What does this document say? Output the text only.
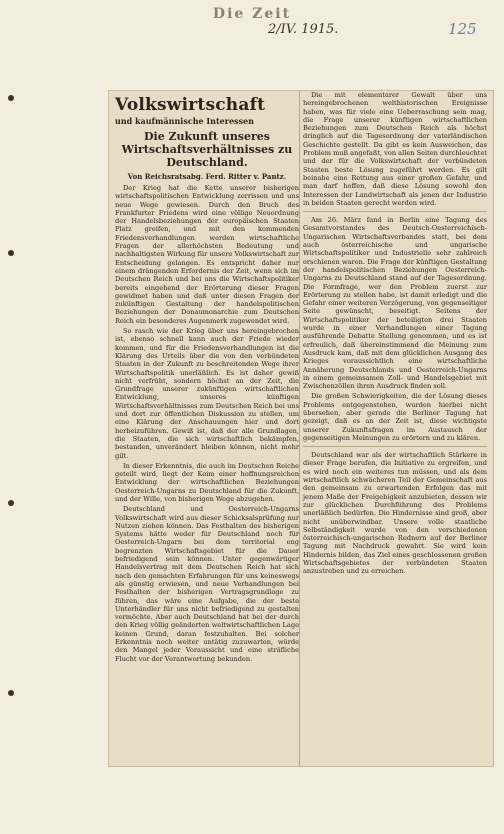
Die Zeit
2/IV. 1915.	125
Volkswirtschaft
und kaufmännische Interessen
Die Zukunft unseres Wirtschaftsverhältnisses zu Deutschland.
Von Reichsratsabg. Ferd. Ritter v. Pantz.

Der Krieg hat die Kette unserer bisherigen wirtschaftspolitischen Entwicklung zerrissen und uns neue Wege gewiesen. Durch den Bruch des Frankfurter Friedens wird eine völlige Neuordnung der Handelsbeziehungen der europäischen Staaten Platz greifen, und mit den kommenden Friedensverhandlungen werden wirtschaftliche Fragen der allerhöchsten Bedeutung und nachhaltigsten Wirkung für unsere Volkswirtschaft zur Entscheidung gelangen. Es entspricht daher nur einem drängenden Erfordernis der Zeit, wenn sich im Deutschen Reich und bei uns die Wirtschaftspolitiker bereits eingehend der Erörterung dieser Fragen gewidmet haben und daß unter diesen Fragen der zukünftigen Gestaltung der handelspolitischen Beziehungen der Donaumonarchie zum Deutschen Reich ein besonderes Augenmerk zugewendet wird.

So rasch wie der Krieg über uns hereingebrochen ist, ebenso schnell kann auch der Friede wieder kommen, und für die Friedensverhandlungen ist die Klärung des Urteils über die von den verbündeten Staaten in der Zukunft zu beschreitenden Wege ihrer Wirtschaftspolitik unerläßlich. Es ist daher gewiß nicht verfrüht, sondern höchst an der Zeit, die Grundfrage unserer zukünftigen wirtschaftlichen Entwicklung, unseres künftigen Wirtschaftsverhältnisses zum Deutschen Reich bei uns und dort zur öffentlichen Diskussion zu stellen, um eine Klärung der Anschauungen hier und dort herbeizuführen. Gewiß ist, daß der alle Grundlagen, die Staaten, die sich wirtschaftlich bekämpfen, bestanden, unverändert bleiben können, nicht mehr gilt.

In dieser Erkenntnis, die auch im Deutschen Reiche geteilt wird, liegt der Keim einer hoffnungsreichen Entwicklung der wirtschaftlichen Beziehungen Oesterreich-Ungarns zu Deutschland für die Zukunft, und der Wille, von bisherigen Wege abzugehen.

Deutschland und Oesterreich-Ungarns Volkswirtschaft wird aus dieser Schicksalsprüfung nur Nutzen ziehen können. Das Festhalten des bisherigen Systems hätte weder für Deutschland noch für Oesterreich-Ungarn bei dem territorial eng begrenzten Wirtschaftsgebiet für die Dauer befriedigend sein können. Unter gegenwärtiger Handelsvertrag mit dem Deutschen Reich hat sich nach den gemachten Erfahrungen für uns keineswegs als günstig erwiesen, und neue Verhandlungen bei Festhalten der bisherigen Vertragsgrundlage zu führen, das wäre eine Aufgabe, die der beste Unterhändler für uns nicht befriedigend zu gestalten vermöchte. Aber auch Deutschland hat bei der durch den Krieg völlig geänderten weltwirtschaftlichen Lage keinen Grund, daran festzuhalten. Bei solcher Erkenntnis noch weiter untätig zuzuwarten, würde den Mangel jeder Voraussicht und eine sträfliche Flucht vor der Verantwortung bekunden.

Die mit elementarer Gewalt über uns hereingebrochenen welthistorischen Ereignisse haben, was für viele eine Ueberraschung sein mag, die Frage unserer künftigen wirtschaftlichen Beziehungen zum Deutschen Reich als höchst dringlich auf die Tagesordnung der vaterländischen Geschichte gestellt. Da gibt es kein Ausweichen, das Problem muß angefaßt, von allen Seiten durchleuchtet und der für die Volkswirtschaft der verbündeten Staaten beste Lösung zugeführt werden. Es gilt beinahe eine Rettung aus einer großen Gefahr, und man darf hoffen, daß diese Lösung sowohl den Interessen der Landwirtschaft als jenen der Industrie in beiden Staaten gerecht werden wird.

Am 26. März fand in Berlin eine Tagung des Gesamtvorstandes des Deutsch-Oesterreichisch-Ungarischen Wirtschaftsverbandes statt, bei dem auch österreichische und ungarische Wirtschaftspolitiker und Industrielle sehr zahlreich erschienen waren. Die Frage der künftigen Gestaltung der handelspolitischen Beziehungen Oesterreich-Ungarns zu Deutschland stand auf der Tagesordnung. Die Formfrage, wer den Problem zuerst zur Erörterung zu stellen habe, ist damit erledigt und die Gefahr einer weiteren Verzögerung, von gegenseitiger Seite gewünscht, beseitigt. Seitens der Wirtschaftspolitiker der beteiligten drei Staaten wurde in einer Verhandlungen einer Tagung ausführende Debatte Stellung genommen, und es ist erfreulich, daß übereinstimmend die Meinung zum Ausdruck kam, daß mit dem glücklichen Ausgang des Krieges voraussichtlich eine wirtschaftliche Annäherung Deutschlands und Oesterreich-Ungarns in einem gemeinsamen Zoll- und Handelsgebiet mit Zwischenzöllen ihren Ausdruck finden soll.

Die großen Schwierigkeiten, die der Lösung dieses Problems entgegenstehen, wurden hierbei nicht übersehen, aber gerade die Berliner Tagung hat gezeigt, daß es an der Zeit ist, diese wichtigste unserer Zukunftsfragen im Austausch der gegenseitigen Meinungen zu erörtern und zu klären.

Deutschland war als der wirtschaftlich Stärkere in dieser Frage berufen, die Initiative zu ergreifen, und es wird noch ein weiteres tun müssen, und als dem wirtschaftlich schwächeren Teil der Gemeinschaft aus den gemeinsam zu erwartenden Erfolgen das mit jenem Maße der Freigebigkeit anzubieten, dessen wir zur glücklichen Durchführung des Problems unerläßlich bedürfen. Die Hindernisse sind groß, aber nicht unüberwindbar. Unsere volle staatliche Selbständigkeit wurde von den verschiedenen österreichisch-ungarischen Rednern auf der Berliner Tagung mit Nachdruck gewahrt. Sie wird kein Hindernis bilden, das Ziel eines geschlossenen großen Wirtschaftsgebietes der verbündeten Staaten anzustreben und zu erreichen.
